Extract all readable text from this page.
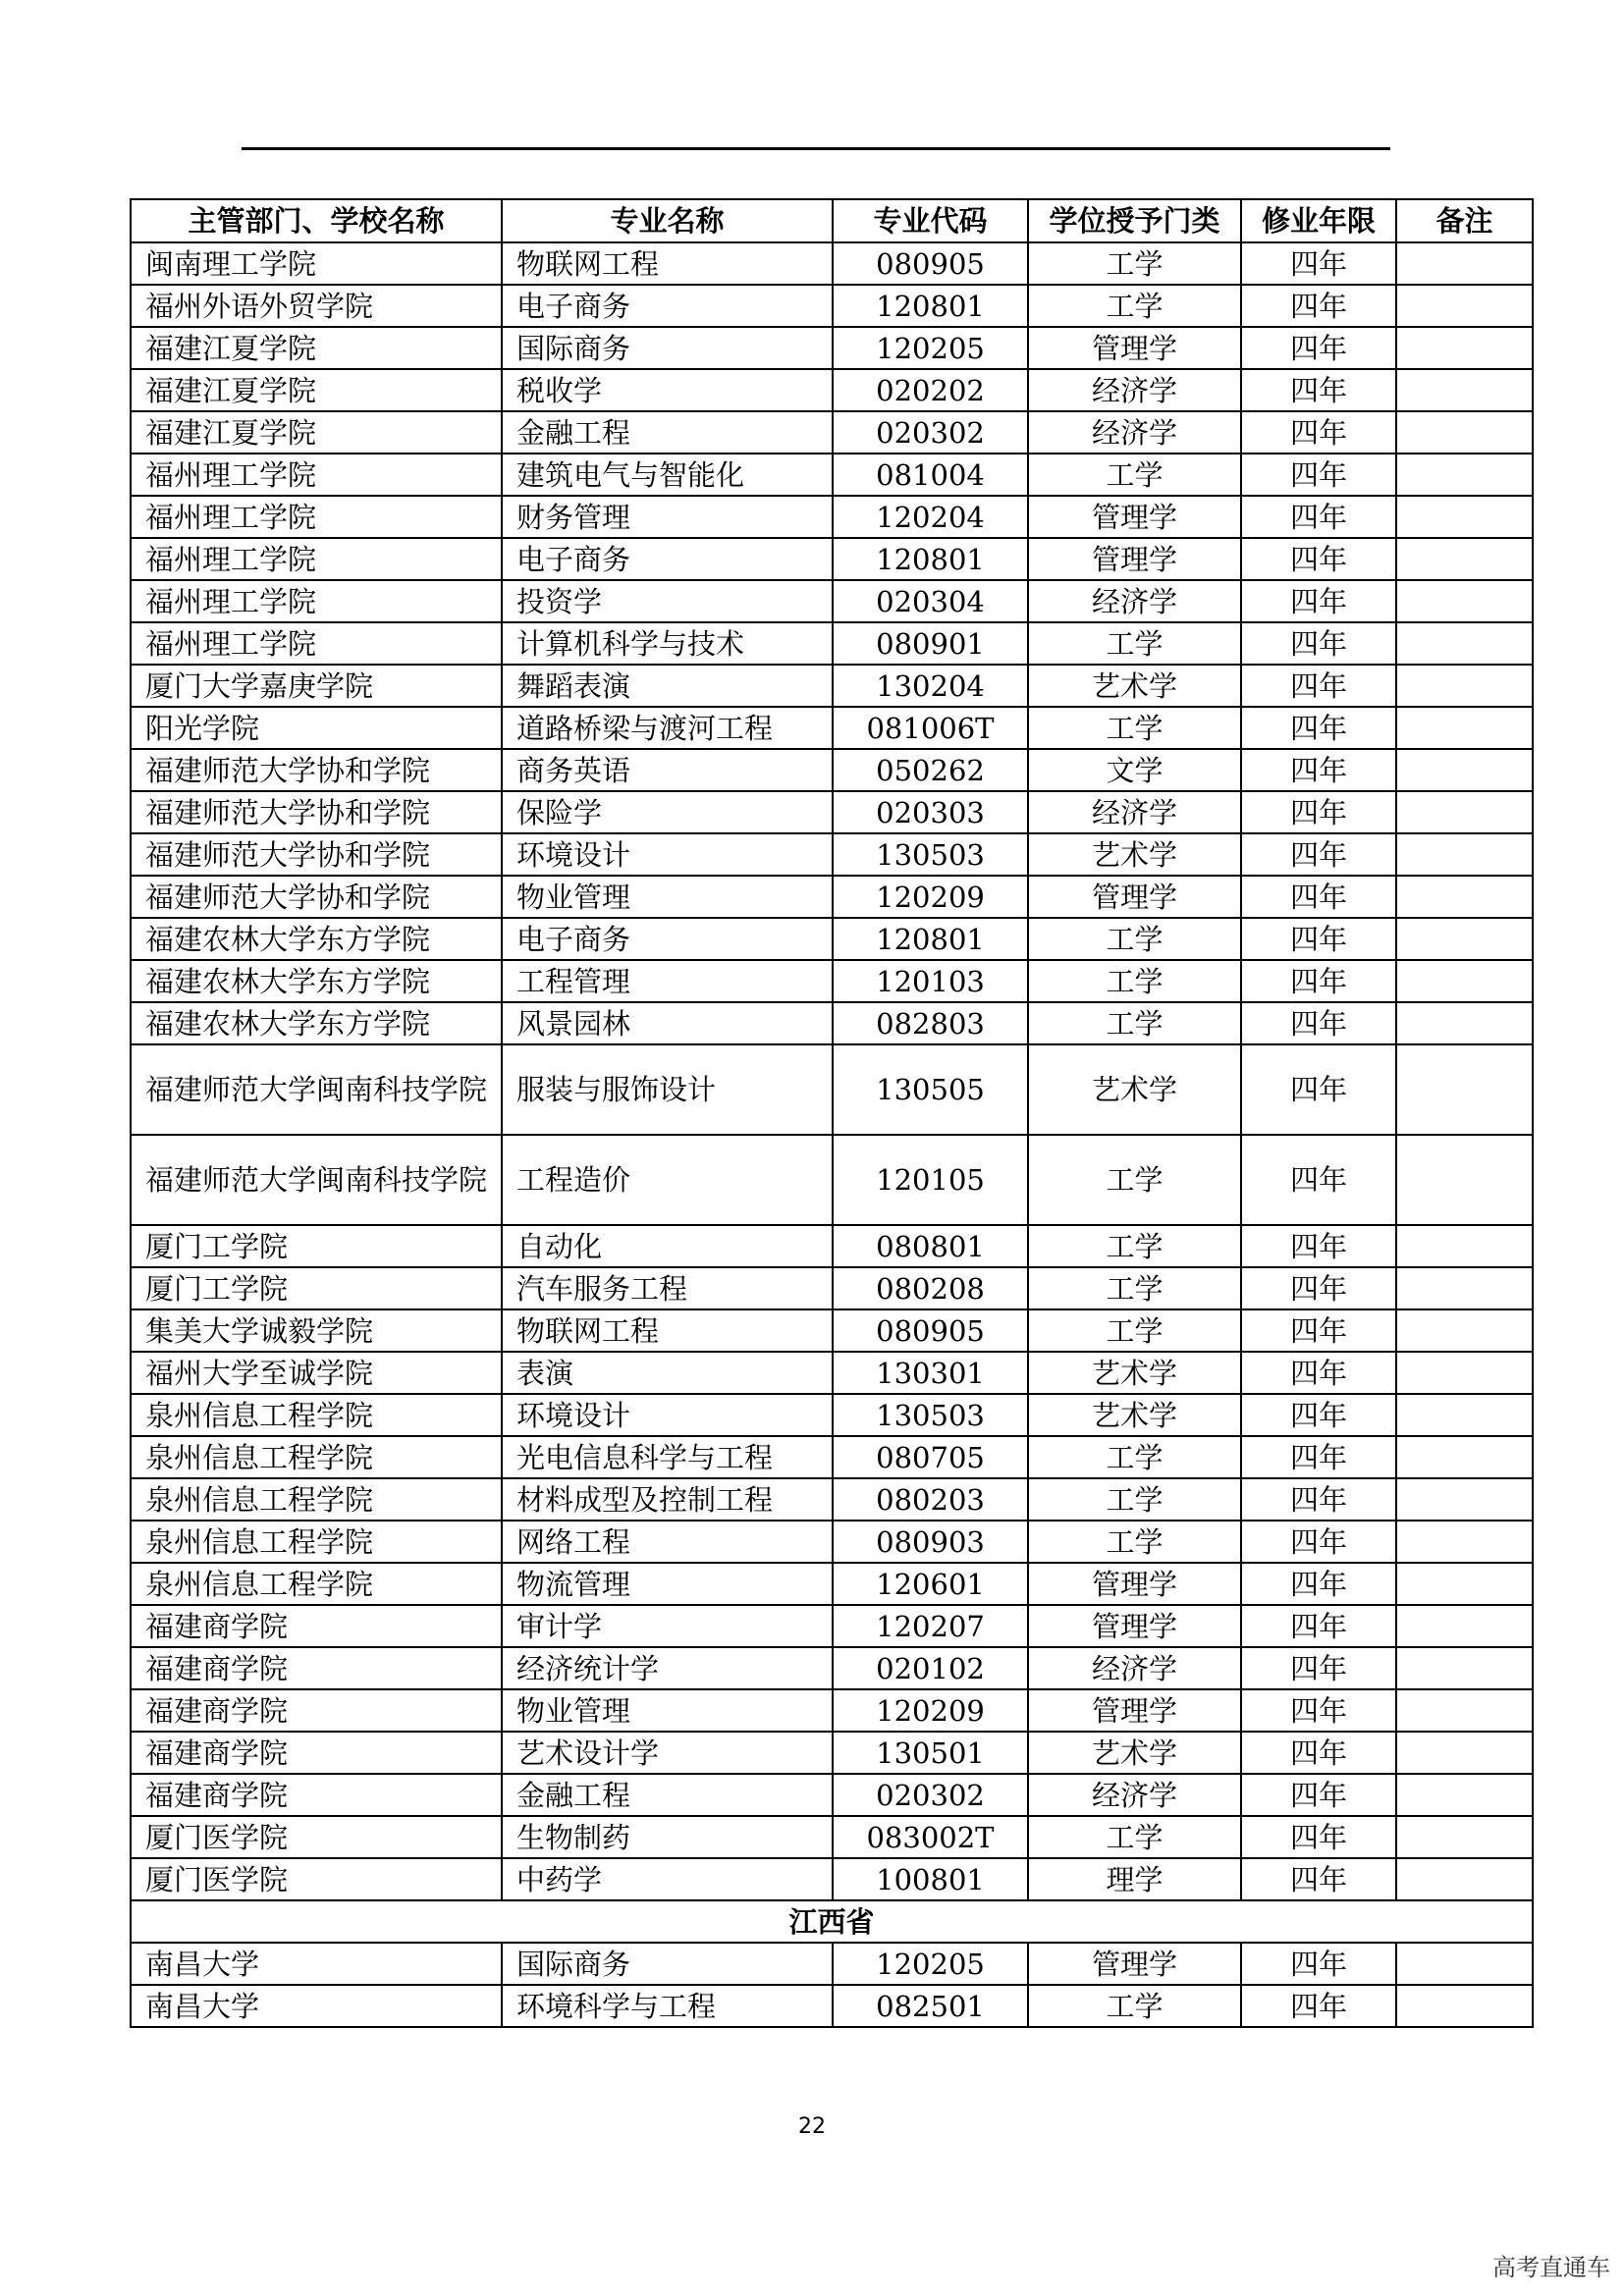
主管部门、学校名称	专业名称	专业代码	学位授予门类	修业年限	备注
闽南理工学院	物联网工程	080905	工学	四年	
福州外语外贸学院	电子商务	120801	工学	四年	
福建江夏学院	国际商务	120205	管理学	四年	
福建江夏学院	税收学	020202	经济学	四年	
福建江夏学院	金融工程	020302	经济学	四年	
福州理工学院	建筑电气与智能化	081004	工学	四年	
福州理工学院	财务管理	120204	管理学	四年	
福州理工学院	电子商务	120801	管理学	四年	
福州理工学院	投资学	020304	经济学	四年	
福州理工学院	计算机科学与技术	080901	工学	四年	
厦门大学嘉庚学院	舞蹈表演	130204	艺术学	四年	
阳光学院	道路桥梁与渡河工程	081006T	工学	四年	
福建师范大学协和学院	商务英语	050262	文学	四年	
福建师范大学协和学院	保险学	020303	经济学	四年	
福建师范大学协和学院	环境设计	130503	艺术学	四年	
福建师范大学协和学院	物业管理	120209	管理学	四年	
福建农林大学东方学院	电子商务	120801	工学	四年	
福建农林大学东方学院	工程管理	120103	工学	四年	
福建农林大学东方学院	风景园林	082803	工学	四年	
福建师范大学闽南科技学院	服装与服饰设计	130505	艺术学	四年	
福建师范大学闽南科技学院	工程造价	120105	工学	四年	
厦门工学院	自动化	080801	工学	四年	
厦门工学院	汽车服务工程	080208	工学	四年	
集美大学诚毅学院	物联网工程	080905	工学	四年	
福州大学至诚学院	表演	130301	艺术学	四年	
泉州信息工程学院	环境设计	130503	艺术学	四年	
泉州信息工程学院	光电信息科学与工程	080705	工学	四年	
泉州信息工程学院	材料成型及控制工程	080203	工学	四年	
泉州信息工程学院	网络工程	080903	工学	四年	
泉州信息工程学院	物流管理	120601	管理学	四年	
福建商学院	审计学	120207	管理学	四年	
福建商学院	经济统计学	020102	经济学	四年	
福建商学院	物业管理	120209	管理学	四年	
福建商学院	艺术设计学	130501	艺术学	四年	
福建商学院	金融工程	020302	经济学	四年	
厦门医学院	生物制药	083002T	工学	四年	
厦门医学院	中药学	100801	理学	四年	
江西省					
南昌大学	国际商务	120205	管理学	四年	
南昌大学	环境科学与工程	082501	工学	四年	
22
高考直通车
